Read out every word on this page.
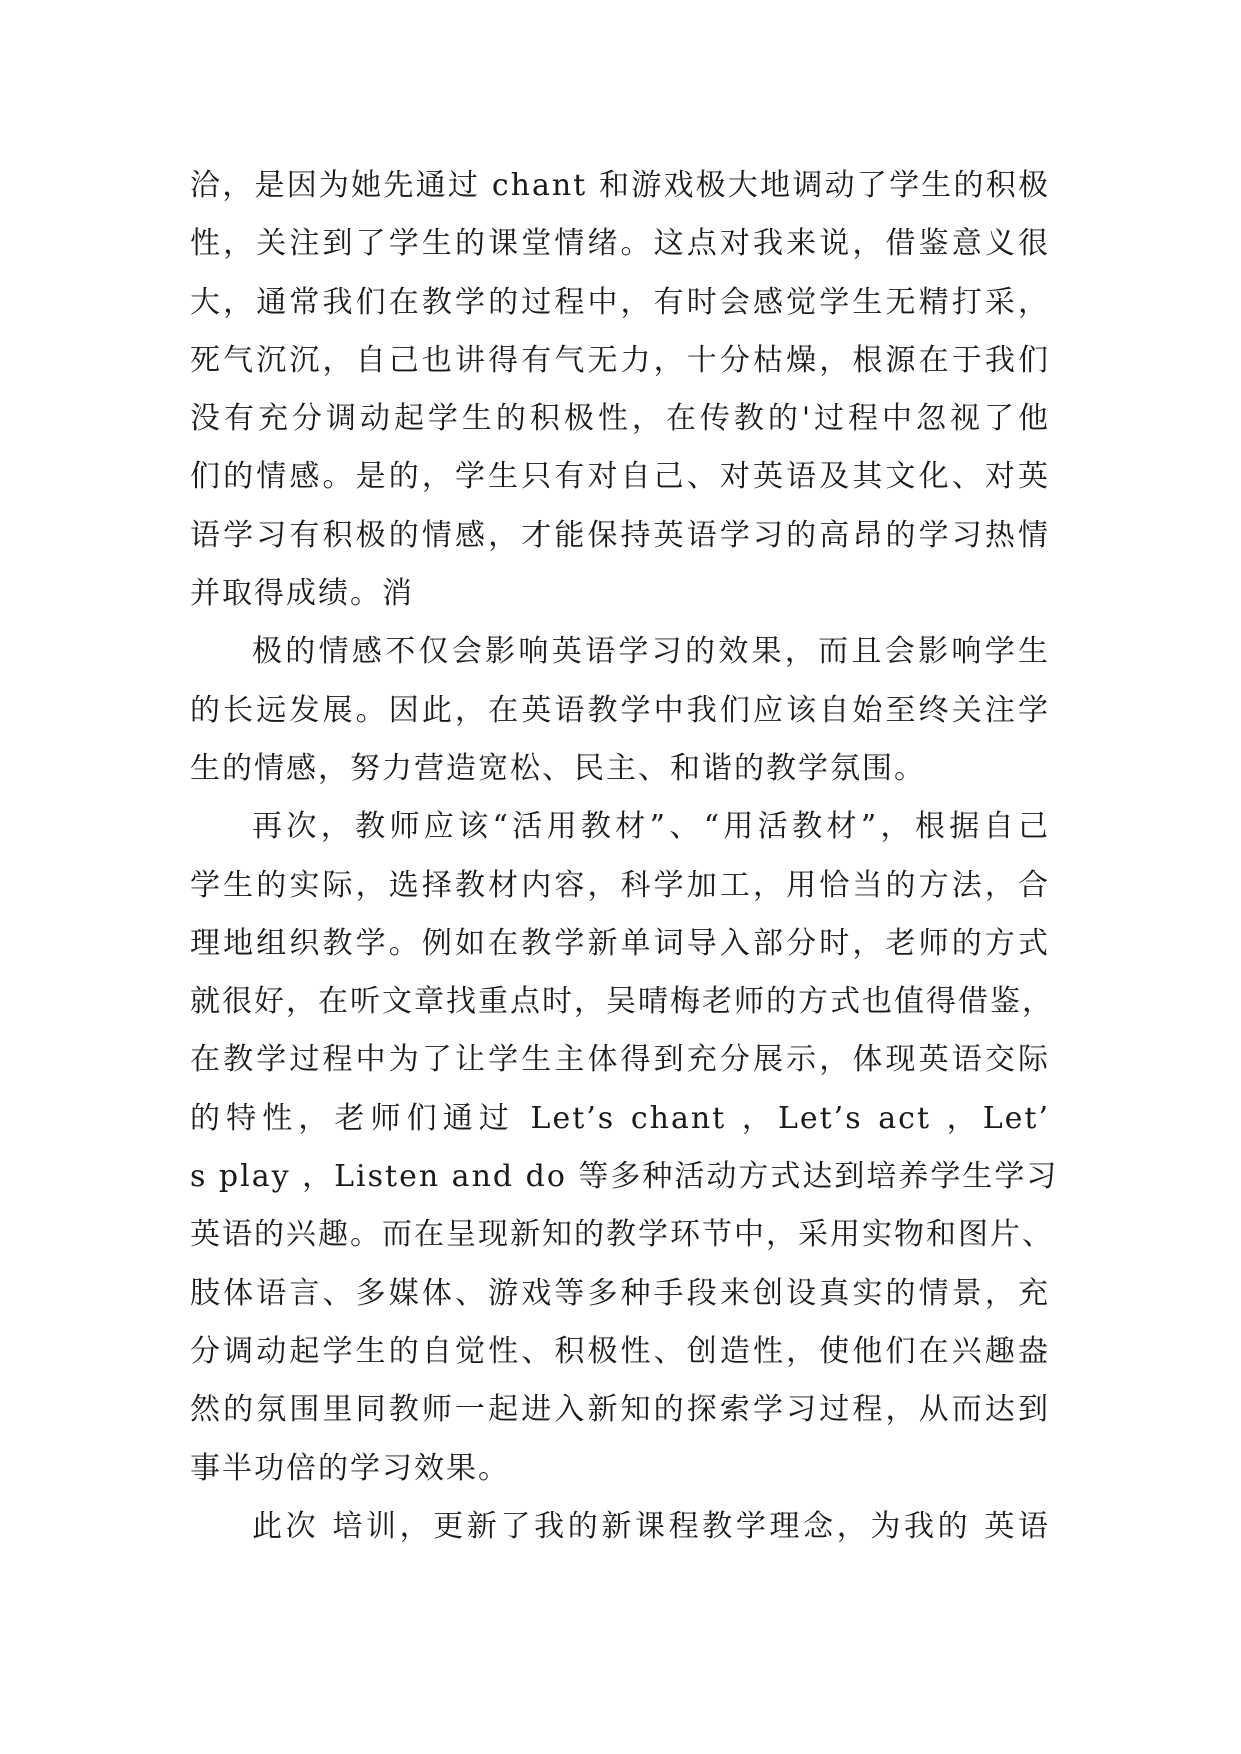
洽，是因为她先通过 chant 和游戏极大地调动了学生的积极
性，关注到了学生的课堂情绪。这点对我来说，借鉴意义很
大，通常我们在教学的过程中，有时会感觉学生无精打采，
死气沉沉，自己也讲得有气无力，十分枯燥，根源在于我们
没有充分调动起学生的积极性，在传教的'过程中忽视了他
们的情感。是的，学生只有对自己、对英语及其文化、对英
语学习有积极的情感，才能保持英语学习的高昂的学习热情
并取得成绩。消
极的情感不仅会影响英语学习的效果，而且会影响学生
的长远发展。因此，在英语教学中我们应该自始至终关注学
生的情感，努力营造宽松、民主、和谐的教学氛围。
再次，教师应该“活用教材”、“用活教材”，根据自己
学生的实际，选择教材内容，科学加工，用恰当的方法，合
理地组织教学。例如在教学新单词导入部分时，老师的方式
就很好，在听文章找重点时，吴晴梅老师的方式也值得借鉴，
在教学过程中为了让学生主体得到充分展示，体现英语交际
的特性，老师们通过 Let’s chant ，Let’s act ，Let’
s play ，Listen and do 等多种活动方式达到培养学生学习
英语的兴趣。而在呈现新知的教学环节中，采用实物和图片、
肢体语言、多媒体、游戏等多种手段来创设真实的情景，充
分调动起学生的自觉性、积极性、创造性，使他们在兴趣盎
然的氛围里同教师一起进入新知的探索学习过程，从而达到
事半功倍的学习效果。
此次 培训，更新了我的新课程教学理念，为我的 英语
